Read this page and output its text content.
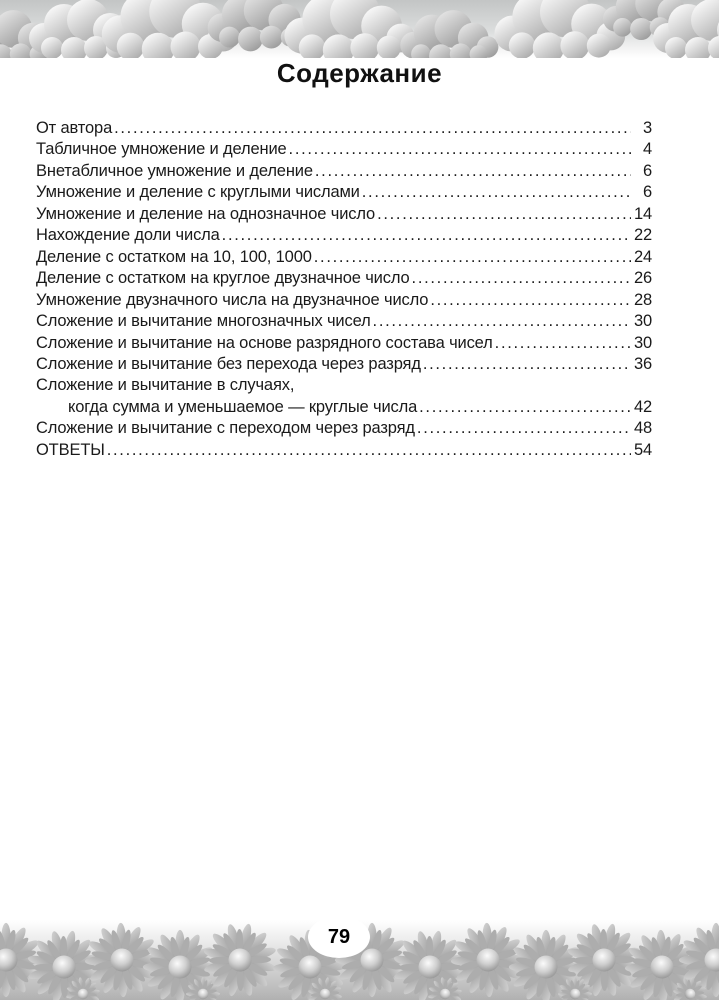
Содержание
От автора .....	3
Табличное умножение и деление .....	4
Внетабличное умножение и деление .....	6
Умножение и деление с круглыми числами .....	6
Умножение и деление на однозначное число .....	14
Нахождение доли числа .....	22
Деление с остатком на 10, 100, 1000 .....	24
Деление с остатком на круглое двузначное число .....	26
Умножение двузначного числа на двузначное число .....	28
Сложение и вычитание многозначных чисел .....	30
Сложение и вычитание на основе разрядного состава чисел .....	30
Сложение и вычитание без перехода через разряд .....	36
Сложение и вычитание в случаях,
когда сумма и уменьшаемое — круглые числа .....	42
Сложение и вычитание с переходом через разряд .....	48
ОТВЕТЫ .....	54
79
